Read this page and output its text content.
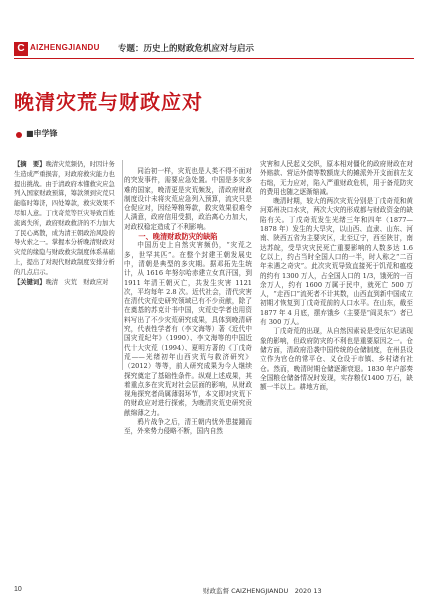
C AIZHENGJIANDU 专题：历史上的财政危机应对与启示
晚清灾荒与财政应对
■申学锋
【摘　要】晚清灾荒频仍，时因计务生造成严重损害，对政府救灾能力也提出挑战。由于清政府本懂救灾应急列入国家财政预算，筹款须到灾荒只能临时筹济，四处筹款，救灾效果不尽如人意。丁戊奇荒等巨灾导致百姓流离失所，政府财政救济的不力加大了民心离散，成为清王朝政治风险的导火索之一。掌握本分析晚清财政对灾荒的缘隐与财政救灾制度体系基础上，提出了对现代财政制度安排分析的几点启示。
【关键词】晚清　灾荒　财政应对

同治初一样，灾荒也是人类不得不面对的突发事件，需要应急处置。中国是多灾多难的国家，晚清更是灾荒频发，清政府财政制度设计未将灾荒应急列入预算，流灾只是仓促应对，因经筹粮筹款，救灾效果很难令人满意，政府信用受损，政治离心力加大，对政权稳定造成了不利影响。

一、晚清财政防灾的缺陷

中国历史上自然灾害频仍，“灾荒之多，世罕其匹”。在整个封建王朝发展史中，清朝是典型的多灾期。据邓拓先生统计，从 1616 年努尔哈赤建立女真汗国，到 1911 年清王朝灭亡，共发生灾害 1121 次，平均每年 2.8 次。近代社会，清代灾害在清代灾荒史研究领域已有不少贡献，除了在奠基的苏克计书中国，灾荒史学者也用资料写出了不少灾荒研究成果，具体到晚清研究，代表性学者有（李文海等）著《近代中国灾荒纪年》（1990）、李文海等的中国近代十大灾荒（1994）、夏明方著的《丁戊奇荒——光绪初年山西灾荒与救济研究》（2012）等等，前人研究成果为今人继续探究奠定了基础性条件。纵观上述成果，其着重点多在灾荒对社会层面的影响，从财政视角探究者尚属薄弱环节，本文即对灾荒下的财政应对进行探索，为晚清灾荒史研究贡献绵薄之力。

鸦片战争之后，清王朝内忧外患接踵而至，外来势力侵略不断，国内自然

灾害和人民起义交织，原本相对僵化的政府财政在对外赔款、营运外债等数额庞大的摊派外开支面前左支右绌，无力应对，陷入严重财政危机，用于备荒防灾的费用也随之逐渐缩减。

晚清时期，较大的两次灾荒分别是丁戊奇荒和黄河郑州决口水灾，两次大灾的形成都与财政资金的缺陷有关。丁戊奇荒发生光绪三年和四年（1877—1878 年）发生的大旱灾，以山西、直隶、山东、河南、陕西五省为主要灾区，北至辽宁，西至陕甘，南达苏皖，受旱灾灾民死亡重要影响的人数多达 1.6 亿以上，约占当时全国人口的一半，时人称之“二百年未遇之奇灾”。此次灾荒导致直接死于饥荒和瘟疫的约有 1300 万人，占全国人口的 1/3，饿死的一百余万人，约有 1600 万属于民中，就死亡 500 万人，“走西口”流死者不计其数，山西直到新中国成立初期才恢复到丁戊奇荒前的人口水平。在山东，截至 1877 年 4 月底，摆弃饿乡（主要是“阎灵东”）者已有 300 万人。

丁戊奇荒的出现，从自然因素说是受厄尔尼诺现象的影响，但政府防灾的不利也是重要原因之一。仓储方面，清政府沿袭中国传统的仓储制度，在州县设立作为官仓的常平仓、义仓设于市镇、乡村诸有社仓。然而，晚清时期仓储逐渐衰退。1830 年户部奏全国粮仓储备情况时发现，实存粮仅1400 万石，缺额一半以上。耕地方面，

10	财政监督 CAIZHENGJIANDU　2020 13
